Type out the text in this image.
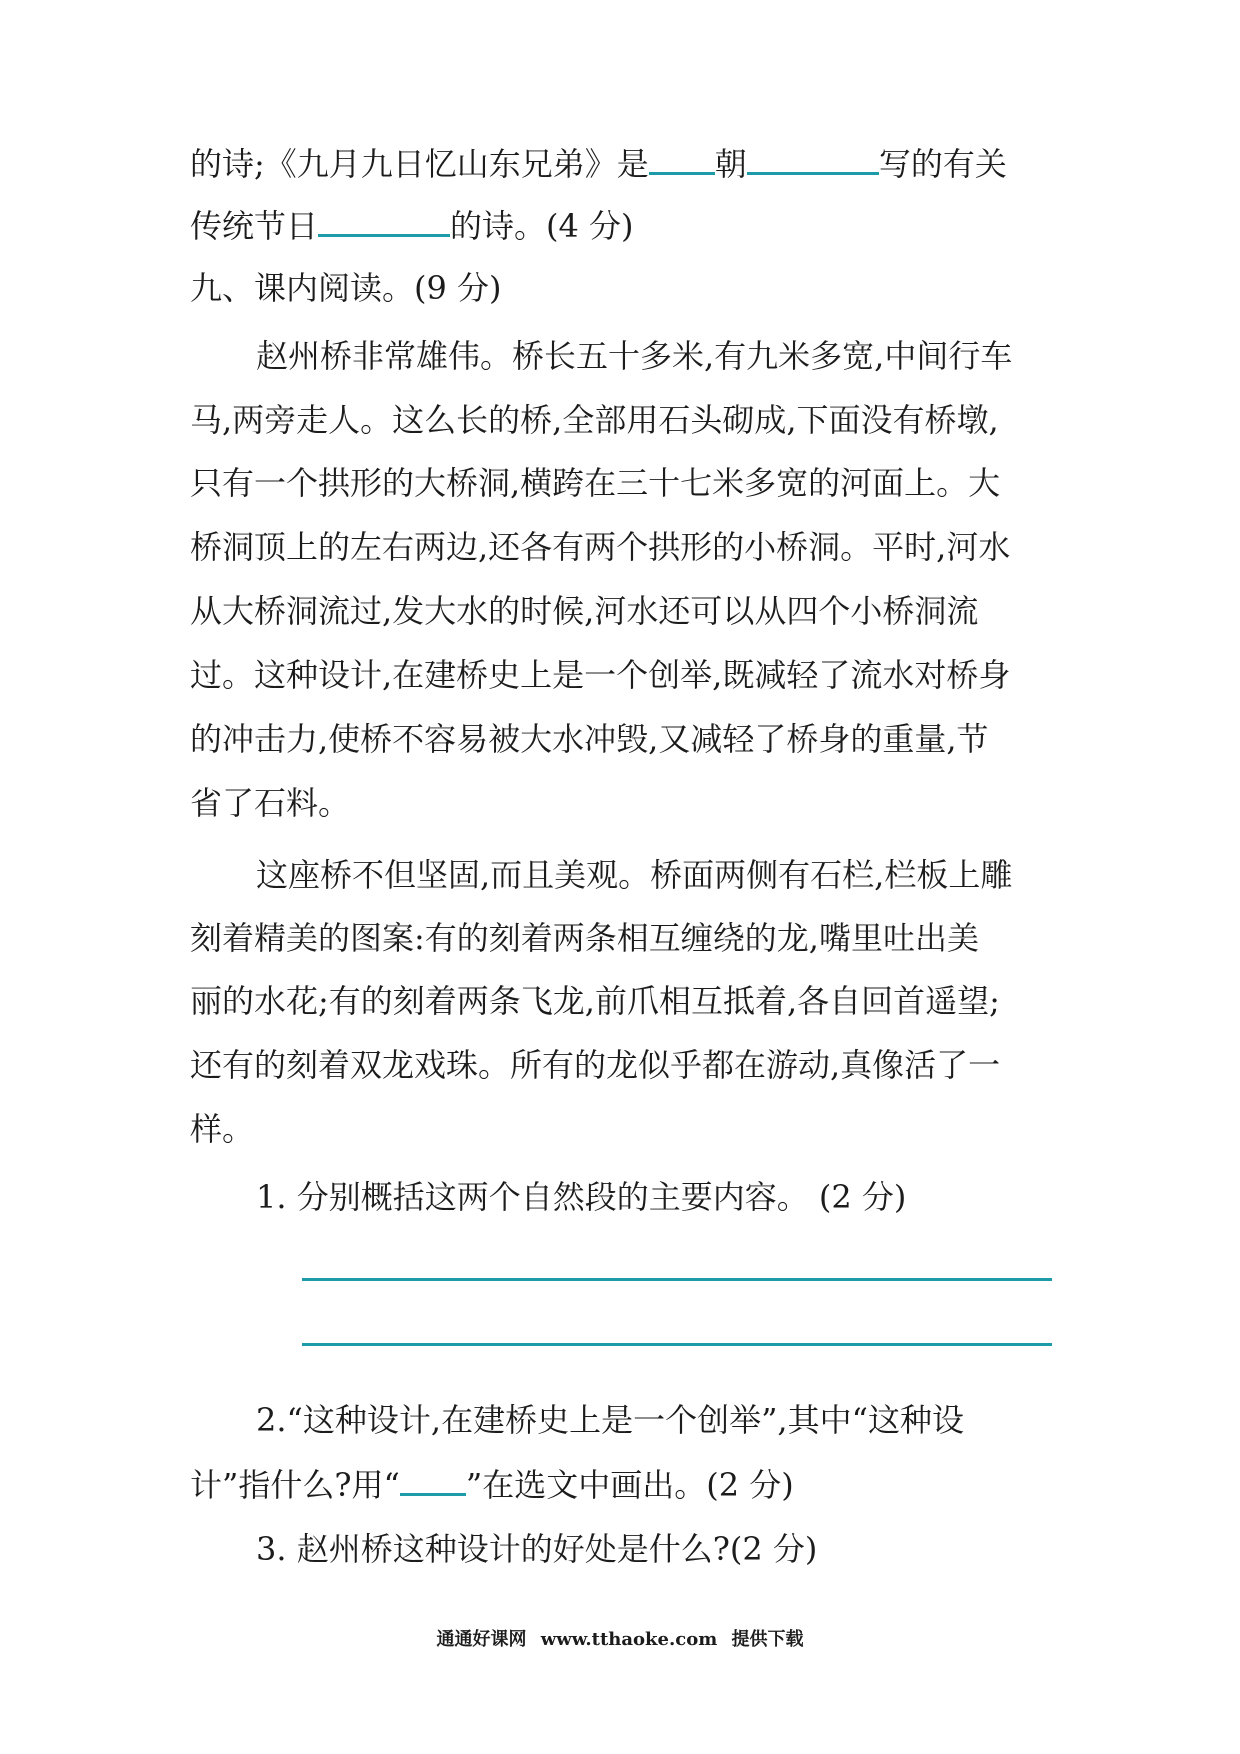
的诗;《九月九日忆山东兄弟》是 朝	写的有关
传统节日	的诗。(4 分)
九、课内阅读。(9 分)
赵州桥非常雄伟。桥长五十多米,有九米多宽,中间行车
马,两旁走人。这么长的桥,全部用石头砌成,下面没有桥墩,
只有一个拱形的大桥洞,横跨在三十七米多宽的河面上。大
桥洞顶上的左右两边,还各有两个拱形的小桥洞。平时,河水
从大桥洞流过,发大水的时候,河水还可以从四个小桥洞流
过。这种设计,在建桥史上是一个创举,既减轻了流水对桥身
的冲击力,使桥不容易被大水冲毁,又减轻了桥身的重量,节
省了石料。
这座桥不但坚固,而且美观。桥面两侧有石栏,栏板上雕
刻着精美的图案:有的刻着两条相互缠绕的龙,嘴里吐出美
丽的水花;有的刻着两条飞龙,前爪相互抵着,各自回首遥望;
还有的刻着双龙戏珠。所有的龙似乎都在游动,真像活了一
样。
1. 分别概括这两个自然段的主要内容。 (2 分)
2.“这种设计,在建桥史上是一个创举”,其中“这种设
计”指什么?用“ ”在选文中画出。(2 分)
3. 赵州桥这种设计的好处是什么?(2 分)
通通好课网 www.tthaoke.com 提供下载
